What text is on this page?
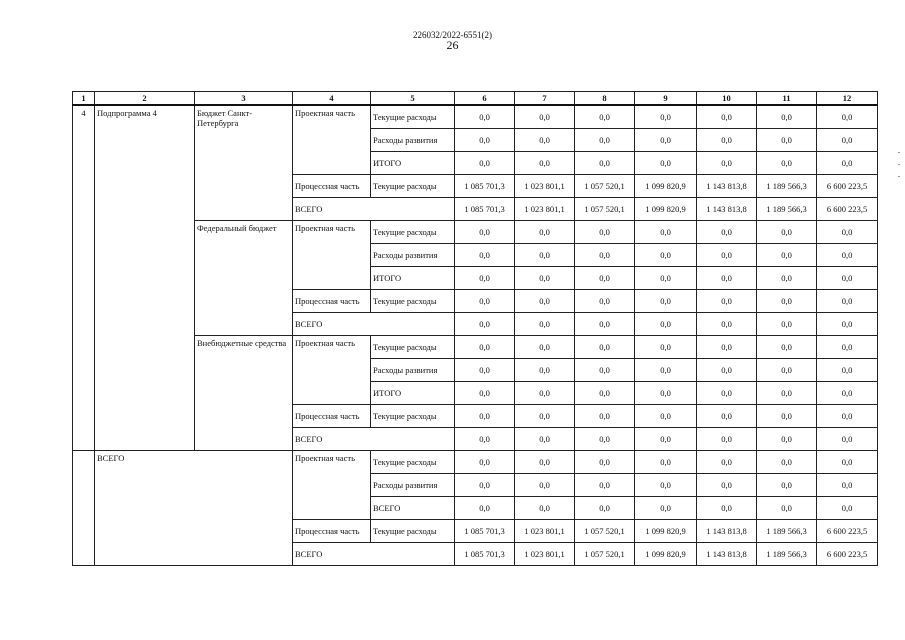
226032/2022-6551(2)
26
1	2	3	4	5	6	7	8	9	10	11	12
4	Подпрограмма 4	Бюджет Санкт-Петербурга	Проектная часть	Текущие расходы	0,0	0,0	0,0	0,0	0,0	0,0	0,0
				Расходы развития	0,0	0,0	0,0	0,0	0,0	0,0	0,0
				ИТОГО	0,0	0,0	0,0	0,0	0,0	0,0	0,0
			Процессная часть	Текущие расходы	1 085 701,3	1 023 801,1	1 057 520,1	1 099 820,9	1 143 813,8	1 189 566,3	6 600 223,5
			ВСЕГО		1 085 701,3	1 023 801,1	1 057 520,1	1 099 820,9	1 143 813,8	1 189 566,3	6 600 223,5
		Федеральный бюджет	Проектная часть	Текущие расходы	0,0	0,0	0,0	0,0	0,0	0,0	0,0
				Расходы развития	0,0	0,0	0,0	0,0	0,0	0,0	0,0
				ИТОГО	0,0	0,0	0,0	0,0	0,0	0,0	0,0
			Процессная часть	Текущие расходы	0,0	0,0	0,0	0,0	0,0	0,0	0,0
			ВСЕГО		0,0	0,0	0,0	0,0	0,0	0,0	0,0
		Внебюджетные средства	Проектная часть	Текущие расходы	0,0	0,0	0,0	0,0	0,0	0,0	0,0
				Расходы развития	0,0	0,0	0,0	0,0	0,0	0,0	0,0
				ИТОГО	0,0	0,0	0,0	0,0	0,0	0,0	0,0
			Процессная часть	Текущие расходы	0,0	0,0	0,0	0,0	0,0	0,0	0,0
			ВСЕГО		0,0	0,0	0,0	0,0	0,0	0,0	0,0
	ВСЕГО		Проектная часть	Текущие расходы	0,0	0,0	0,0	0,0	0,0	0,0	0,0
				Расходы развития	0,0	0,0	0,0	0,0	0,0	0,0	0,0
				ВСЕГО	0,0	0,0	0,0	0,0	0,0	0,0	0,0
			Процессная часть	Текущие расходы	1 085 701,3	1 023 801,1	1 057 520,1	1 099 820,9	1 143 813,8	1 189 566,3	6 600 223,5
			ВСЕГО		1 085 701,3	1 023 801,1	1 057 520,1	1 099 820,9	1 143 813,8	1 189 566,3	6 600 223,5
